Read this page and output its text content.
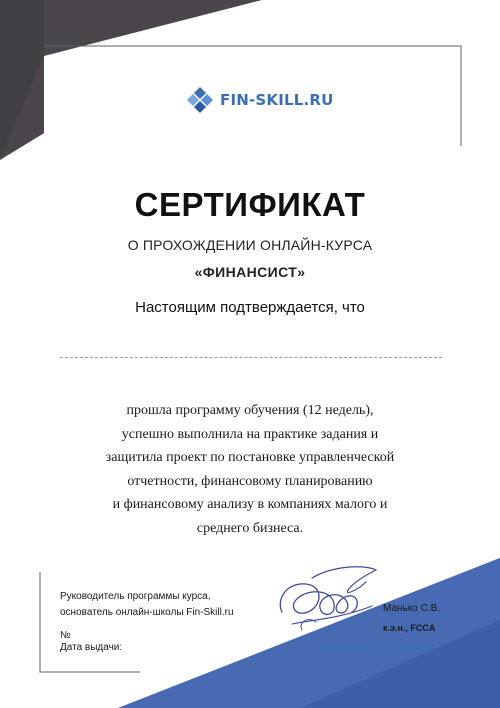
FIN-SKILL.RU
СЕРТИФИКАТ
О ПРОХОЖДЕНИИ ОНЛАЙН-КУРСА
«ФИНАНСИСТ»
Настоящим подтверждается, что
прошла программу обучения (12 недель),
успешно выполнила на практике задания и
защитила проект по постановке управленческой
отчетности, финансовому планированию
и финансовому анализу в компаниях малого и
среднего бизнеса.
Руководитель программы курса,
основатель онлайн-школы Fin-Skill.ru
№
Дата выдачи:
Манько С.В.
к.э.н., FCCA
https://fin-skill.ru/verification
